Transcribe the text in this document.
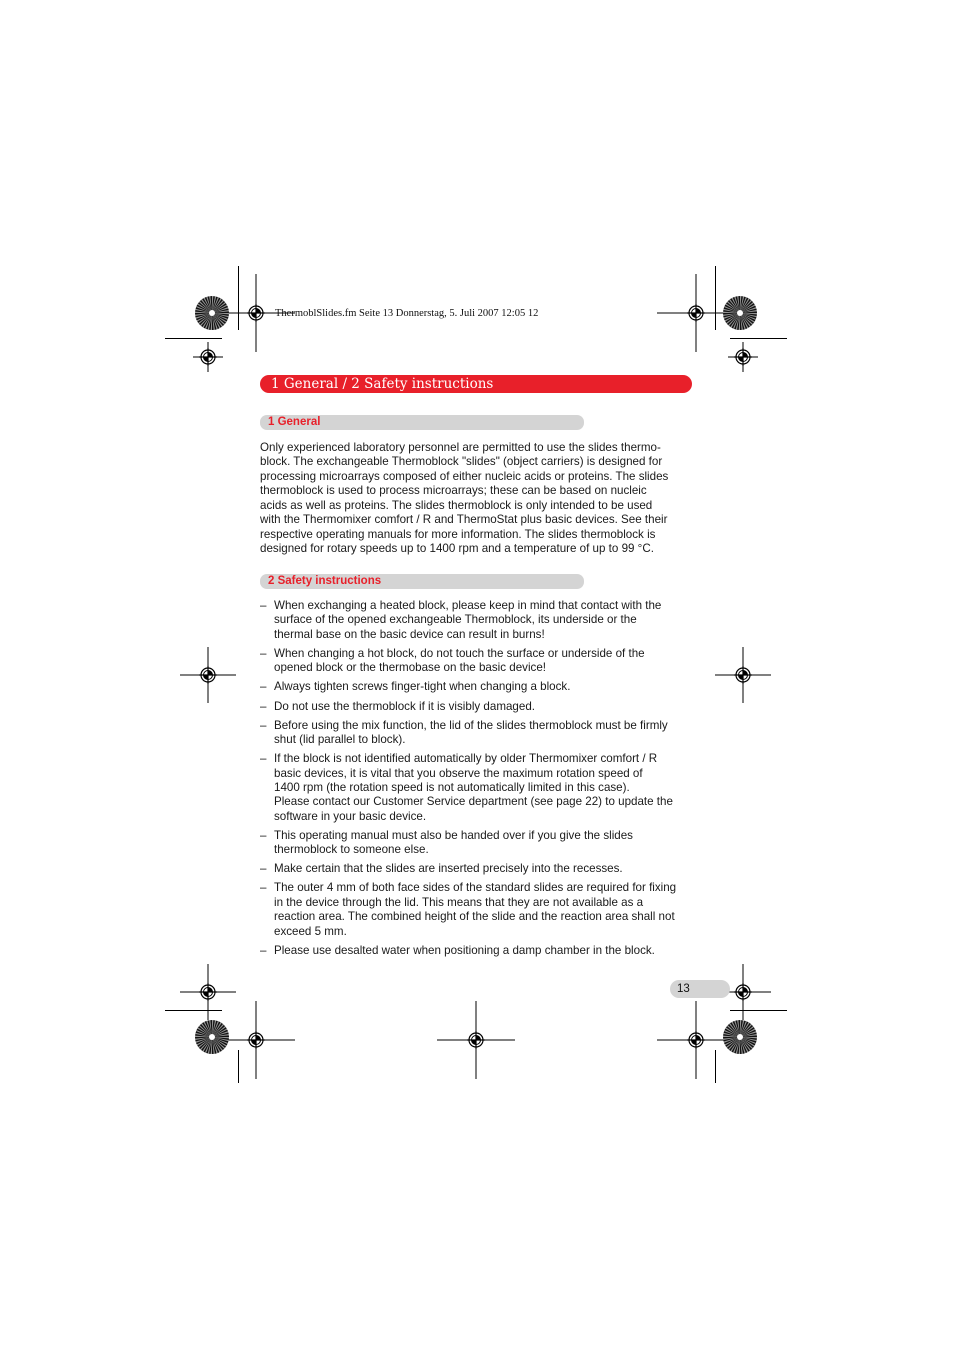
ThermoblSlides.fm Seite 13 Donnerstag, 5. Juli 2007 12:05 12
1 General / 2 Safety instructions
1 General

Only experienced laboratory personnel are permitted to use the slides thermo-
block. The exchangeable Thermoblock "slides" (object carriers) is designed for
processing microarrays composed of either nucleic acids or proteins. The slides
thermoblock is used to process microarrays; these can be based on nucleic
acids as well as proteins. The slides thermoblock is only intended to be used
with the Thermomixer comfort / R and ThermoStat plus basic devices. See their
respective operating manuals for more information. The slides thermoblock is
designed for rotary speeds up to 1400 rpm and a temperature of up to 99 °C.

2 Safety instructions
– When exchanging a heated block, please keep in mind that contact with the
surface of the opened exchangeable Thermoblock, its underside or the
thermal base on the basic device can result in burns!
– When changing a hot block, do not touch the surface or underside of the
opened block or the thermobase on the basic device!
– Always tighten screws finger-tight when changing a block.
– Do not use the thermoblock if it is visibly damaged.
– Before using the mix function, the lid of the slides thermoblock must be firmly
shut (lid parallel to block).
– If the block is not identified automatically by older Thermomixer comfort / R
basic devices, it is vital that you observe the maximum rotation speed of
1400 rpm (the rotation speed is not automatically limited in this case).
Please contact our Customer Service department (see page 22) to update the
software in your basic device.
– This operating manual must also be handed over if you give the slides
thermoblock to someone else.
– Make certain that the slides are inserted precisely into the recesses.
– The outer 4 mm of both face sides of the standard slides are required for fixing
in the device through the lid. This means that they are not available as a
reaction area. The combined height of the slide and the reaction area shall not
exceed 5 mm.
– Please use desalted water when positioning a damp chamber in the block.
13
